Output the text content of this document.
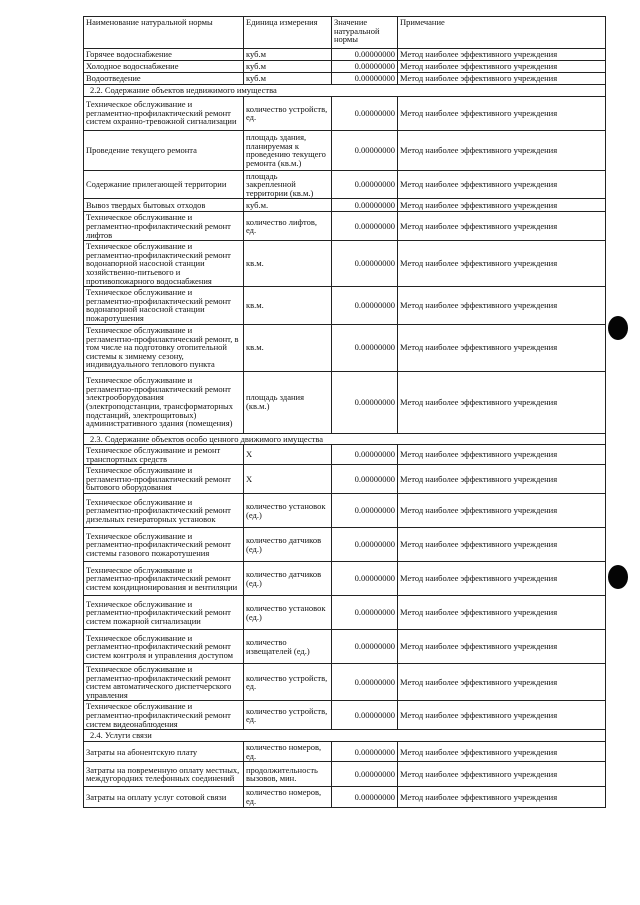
Наименование натуральной нормы	Единица измерения	Значение натуральной нормы	Примечание
Горячее водоснабжение	куб.м	0.00000000	Метод наиболее эффективного учреждения
Холодное водоснабжение	куб.м	0.00000000	Метод наиболее эффективного учреждения
Водоотведение	куб.м	0.00000000	Метод наиболее эффективного учреждения
2.2. Содержание объектов недвижимого имущества			
Техническое обслуживание и регламентно-профилактический ремонт систем охранно-тревожной сигнализации	количество устройств, ед.	0.00000000	Метод наиболее эффективного учреждения
Проведение текущего ремонта	площадь здания, планируемая к проведению текущего ремонта (кв.м.)	0.00000000	Метод наиболее эффективного учреждения
Содержание прилегающей территории	площадь закрепленной территории (кв.м.)	0.00000000	Метод наиболее эффективного учреждения
Вывоз твердых бытовых отходов	куб.м.	0.00000000	Метод наиболее эффективного учреждения
Техническое обслуживание и регламентно-профилактический ремонт лифтов	количество лифтов, ед.	0.00000000	Метод наиболее эффективного учреждения
Техническое обслуживание и регламентно-профилактический ремонт водонапорной насосной станции хозяйственно-питьевого и противопожарного водоснабжения	кв.м.	0.00000000	Метод наиболее эффективного учреждения
Техническое обслуживание и регламентно-профилактический ремонт водонапорной насосной станции пожаротушения	кв.м.	0.00000000	Метод наиболее эффективного учреждения
Техническое обслуживание и регламентно-профилактический ремонт, в том числе на подготовку отопительной системы к зимнему сезону, индивидуального теплового пункта	кв.м.	0.00000000	Метод наиболее эффективного учреждения
Техническое обслуживание и регламентно-профилактический ремонт электрооборудования (электроподстанции, трансформаторных подстанций, электрощитовых) административного здания (помещения)	площадь здания (кв.м.)	0.00000000	Метод наиболее эффективного учреждения
2.3. Содержание объектов особо ценного движимого имущества			
Техническое обслуживание и ремонт транспортных средств	Х	0.00000000	Метод наиболее эффективного учреждения
Техническое обслуживание и регламентно-профилактический ремонт бытового оборудования	Х	0.00000000	Метод наиболее эффективного учреждения
Техническое обслуживание и регламентно-профилактический ремонт дизельных генераторных установок	количество установок (ед.)	0.00000000	Метод наиболее эффективного учреждения
Техническое обслуживание и регламентно-профилактический ремонт системы газового пожаротушения	количество датчиков (ед.)	0.00000000	Метод наиболее эффективного учреждения
Техническое обслуживание и регламентно-профилактический ремонт систем кондиционирования и вентиляции	количество датчиков (ед.)	0.00000000	Метод наиболее эффективного учреждения
Техническое обслуживание и регламентно-профилактический ремонт систем пожарной сигнализации	количество установок (ед.)	0.00000000	Метод наиболее эффективного учреждения
Техническое обслуживание и регламентно-профилактический ремонт систем контроля и управления доступом	количество извещателей (ед.)	0.00000000	Метод наиболее эффективного учреждения
Техническое обслуживание и регламентно-профилактический ремонт систем автоматического диспетчерского управления	количество устройств, ед.	0.00000000	Метод наиболее эффективного учреждения
Техническое обслуживание и регламентно-профилактический ремонт систем видеонаблюдения	количество устройств, ед.	0.00000000	Метод наиболее эффективного учреждения
2.4. Услуги связи			
Затраты на абонентскую плату	количество номеров, ед.	0.00000000	Метод наиболее эффективного учреждения
Затраты на повременную оплату местных, междугородних телефонных соединений	продолжительность вызовов, мин.	0.00000000	Метод наиболее эффективного учреждения
Затраты на оплату услуг сотовой связи	количество номеров, ед.	0.00000000	Метод наиболее эффективного учреждения
